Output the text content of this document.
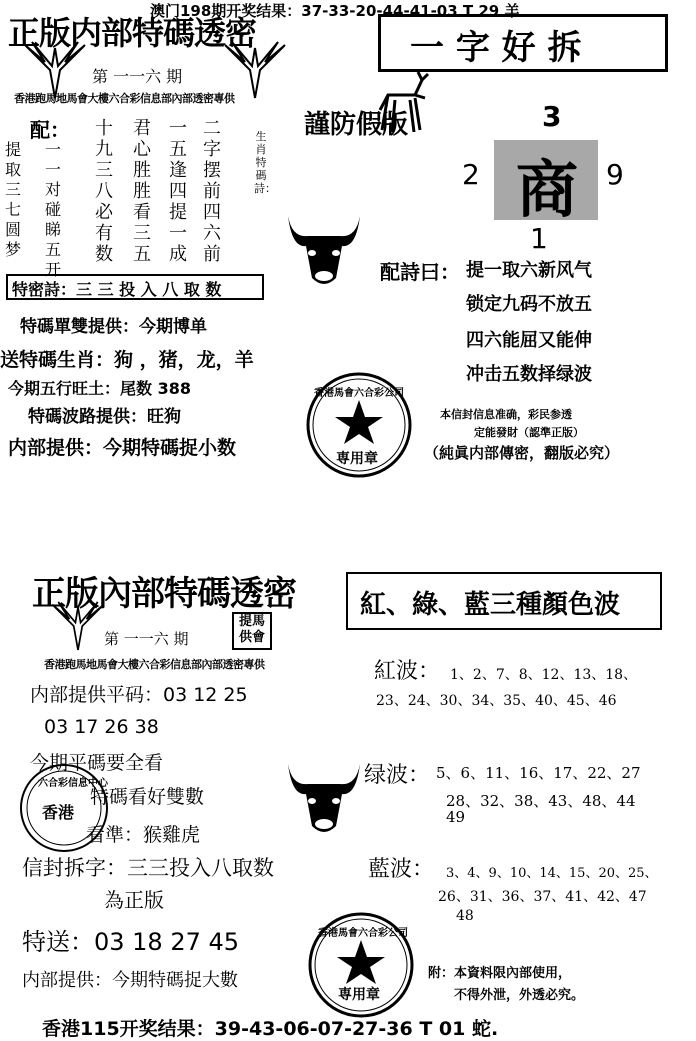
澳门198期开奖结果：37-33-20-44-41-03 T 29 羊
正版内部特碼透密
第 一一六 期
香港跑馬地馬會大樓六合彩信息部內部透密專供
配：
提取三七圆梦
一一对碰睇五开
十九三八必有数
君心胜胜看三五
一五逢四提一成
二字摆前四六前
生肖特碼詩：
特密詩：三 三 投 入 八 取 数
特碼單雙提供：今期博单
送特碼生肖：狗 ，猪，龙，羊
今期五行旺土：尾数 388
特碼波路提供：旺狗
内部提供：今期特碼捉小数
一 字 好 拆
謹防假版	3
2 商 9
1
配詩曰： 提一取六新风气
锁定九码不放五
四六能屈又能伸
冲击五数择绿波
香港馬會六合彩公司
専用章
本信封信息准确，彩民参透
定能發財（認準正版）
（純眞内部傳密，翻版必究）
正版內部特碼透密
第 一一六 期
提馬 供會
香港跑馬地馬會大樓六合彩信息部內部透密專供
内部提供平码：03 12 25
03 17 26 38
今期平碼要全看
特碼看好雙數
看準：猴雞虎
六合彩信息中心
香港
信封拆字：三三投入八取数
為正版
特送：03 18 27 45
内部提供：今期特碼捉大數
紅、綠、藍三種顏色波
紅波： 1、2、7、8、12、13、18、
23、24、30、34、35、40、45、46
绿波： 5、6、11、16、17、22、27
28、32、38、43、48、44
49
藍波： 3、4、9、10、14、15、20、25、
26、31、36、37、41、42、47
48
香港馬會六合彩公司
専用章
附：本資料限內部使用，
不得外泄，外透必究。
香港115开奖结果：39-43-06-07-27-36 T 01 蛇.
